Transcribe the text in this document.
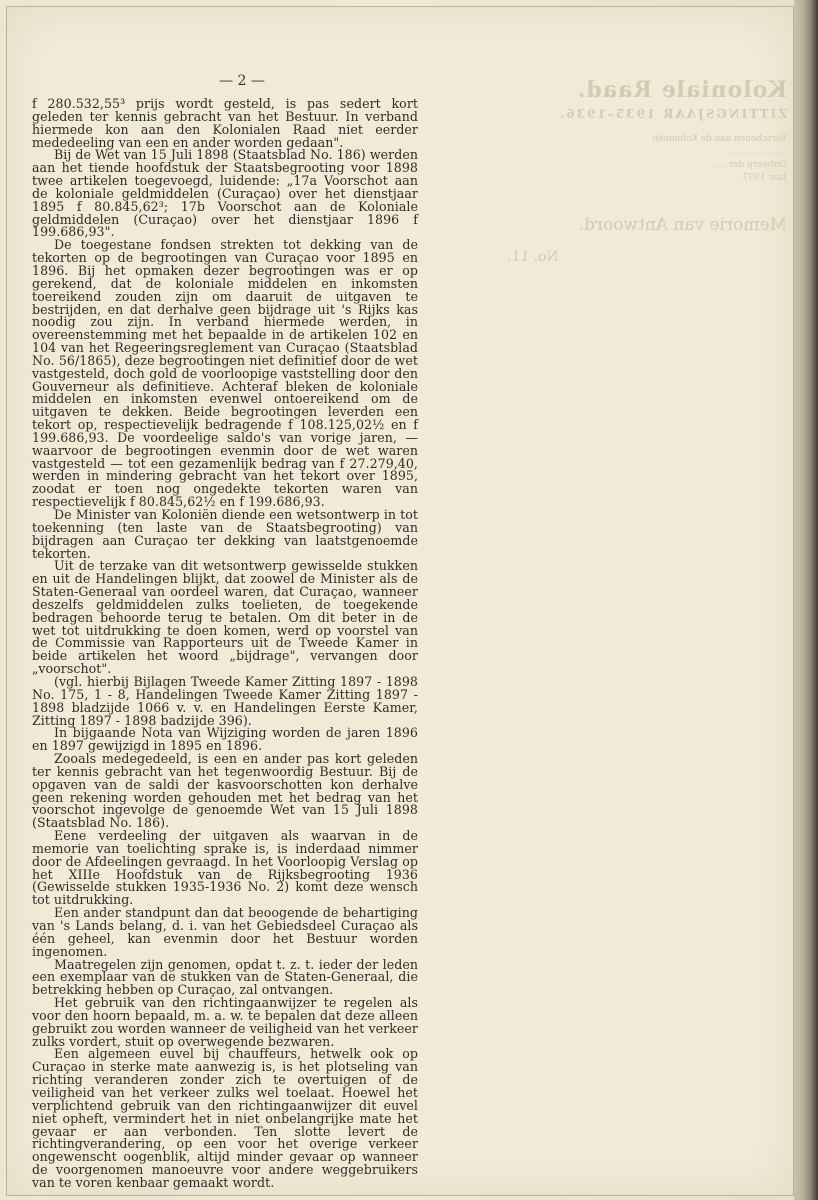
Koloniale Raad.
ZITTINGSJAAR 1935–1936.
Verschenen aan de Kolonieën
....................
Ontwerp der ....
Jaar 1937.
Memorie van Antwoord.
No. 11.
— 2 —

f 280.532,55³ prijs wordt gesteld, is pas sedert kort geleden ter kennis gebracht van het Bestuur. In verband hiermede kon aan den Kolonialen Raad niet eerder mededeeling van een en ander worden gedaan".

Bij de Wet van 15 Juli 1898 (Staatsblad No. 186) werden aan het tiende hoofdstuk der Staatsbegrooting voor 1898 twee artikelen toegevoegd, luidende: „17a Voorschot aan de koloniale geldmiddelen (Curaçao) over het dienstjaar 1895 f 80.845,62³; 17b Voorschot aan de Koloniale geldmiddelen (Curaçao) over het dienstjaar 1896 f 199.686,93".

De toegestane fondsen strekten tot dekking van de tekorten op de begrootingen van Curaçao voor 1895 en 1896. Bij het opmaken dezer begrootingen was er op gerekend, dat de koloniale middelen en inkomsten toereikend zouden zijn om daaruit de uitgaven te bestrijden, en dat derhalve geen bijdrage uit 's Rijks kas noodig zou zijn. In verband hiermede werden, in overeenstemming met het bepaalde in de artikelen 102 en 104 van het Regeeringsreglement van Curaçao (Staatsblad No. 56/1865), deze begrootingen niet definitief door de wet vastgesteld, doch gold de voorloopige vaststelling door den Gouverneur als definitieve. Achteraf bleken de koloniale middelen en inkomsten evenwel ontoereikend om de uitgaven te dekken. Beide begrootingen leverden een tekort op, respectievelijk bedragende f 108.125,02½ en f 199.686,93. De voordeelige saldo's van vorige jaren, — waarvoor de begrootingen evenmin door de wet waren vastgesteld — tot een gezamenlijk bedrag van f 27.279,40, werden in mindering gebracht van het tekort over 1895, zoodat er toen nog ongedekte tekorten waren van respectievelijk f 80.845,62½ en f 199.686,93.

De Minister van Koloniën diende een wetsontwerp in tot toekenning (ten laste van de Staatsbegrooting) van bijdragen aan Curaçao ter dekking van laatstgenoemde tekorten.

Uit de terzake van dit wetsontwerp gewisselde stukken en uit de Handelingen blijkt, dat zoowel de Minister als de Staten-Generaal van oordeel waren, dat Curaçao, wanneer deszelfs geldmiddelen zulks toelieten, de toegekende bedragen behoorde terug te betalen. Om dit beter in de wet tot uitdrukking te doen komen, werd op voorstel van de Commissie van Rapporteurs uit de Tweede Kamer in beide artikelen het woord „bijdrage", vervangen door „voorschot".

(vgl. hierbij Bijlagen Tweede Kamer Zitting 1897 - 1898 No. 175, 1 - 8, Handelingen Tweede Kamer Zitting 1897 - 1898 bladzijde 1066 v. v. en Handelingen Eerste Kamer, Zitting 1897 - 1898 badzijde 396).

In bijgaande Nota van Wijziging worden de jaren 1896 en 1897 gewijzigd in 1895 en 1896.

Zooals medegedeeld, is een en ander pas kort geleden ter kennis gebracht van het tegenwoordig Bestuur. Bij de opgaven van de saldi der kasvoorschotten kon derhalve geen rekening worden gehouden met het bedrag van het voorschot ingevolge de genoemde Wet van 15 Juli 1898 (Staatsblad No. 186).

Eene verdeeling der uitgaven als waarvan in de memorie van toelichting sprake is, is inderdaad nimmer door de Afdeelingen gevraagd. In het Voorloopig Verslag op het XIIIe Hoofdstuk van de Rijksbegrooting 1936 (Gewisselde stukken 1935-1936 No. 2) komt deze wensch tot uitdrukking.

Een ander standpunt dan dat beoogende de behartiging van 's Lands belang, d. i. van het Gebiedsdeel Curaçao als één geheel, kan evenmin door het Bestuur worden ingenomen.

Maatregelen zijn genomen, opdat t. z. t. ieder der leden een exemplaar van de stukken van de Staten-Generaal, die betrekking hebben op Curaçao, zal ontvangen.

Het gebruik van den richtingaanwijzer te regelen als voor den hoorn bepaald, m. a. w. te bepalen dat deze alleen gebruikt zou worden wanneer de veiligheid van het verkeer zulks vordert, stuit op overwegende bezwaren.

Een algemeen euvel bij chauffeurs, hetwelk ook op Curaçao in sterke mate aanwezig is, is het plotseling van richting veranderen zonder zich te overtuigen of de veiligheid van het verkeer zulks wel toelaat. Hoewel het verplichtend gebruik van den richtingaanwijzer dit euvel niet opheft, vermindert het in niet onbelangrijke mate het gevaar er aan verbonden. Ten slotte levert de richtingverandering, op een voor het overige verkeer ongewenscht oogenblik, altijd minder gevaar op wanneer de voorgenomen manoeuvre voor andere weggebruikers van te voren kenbaar gemaakt wordt.
